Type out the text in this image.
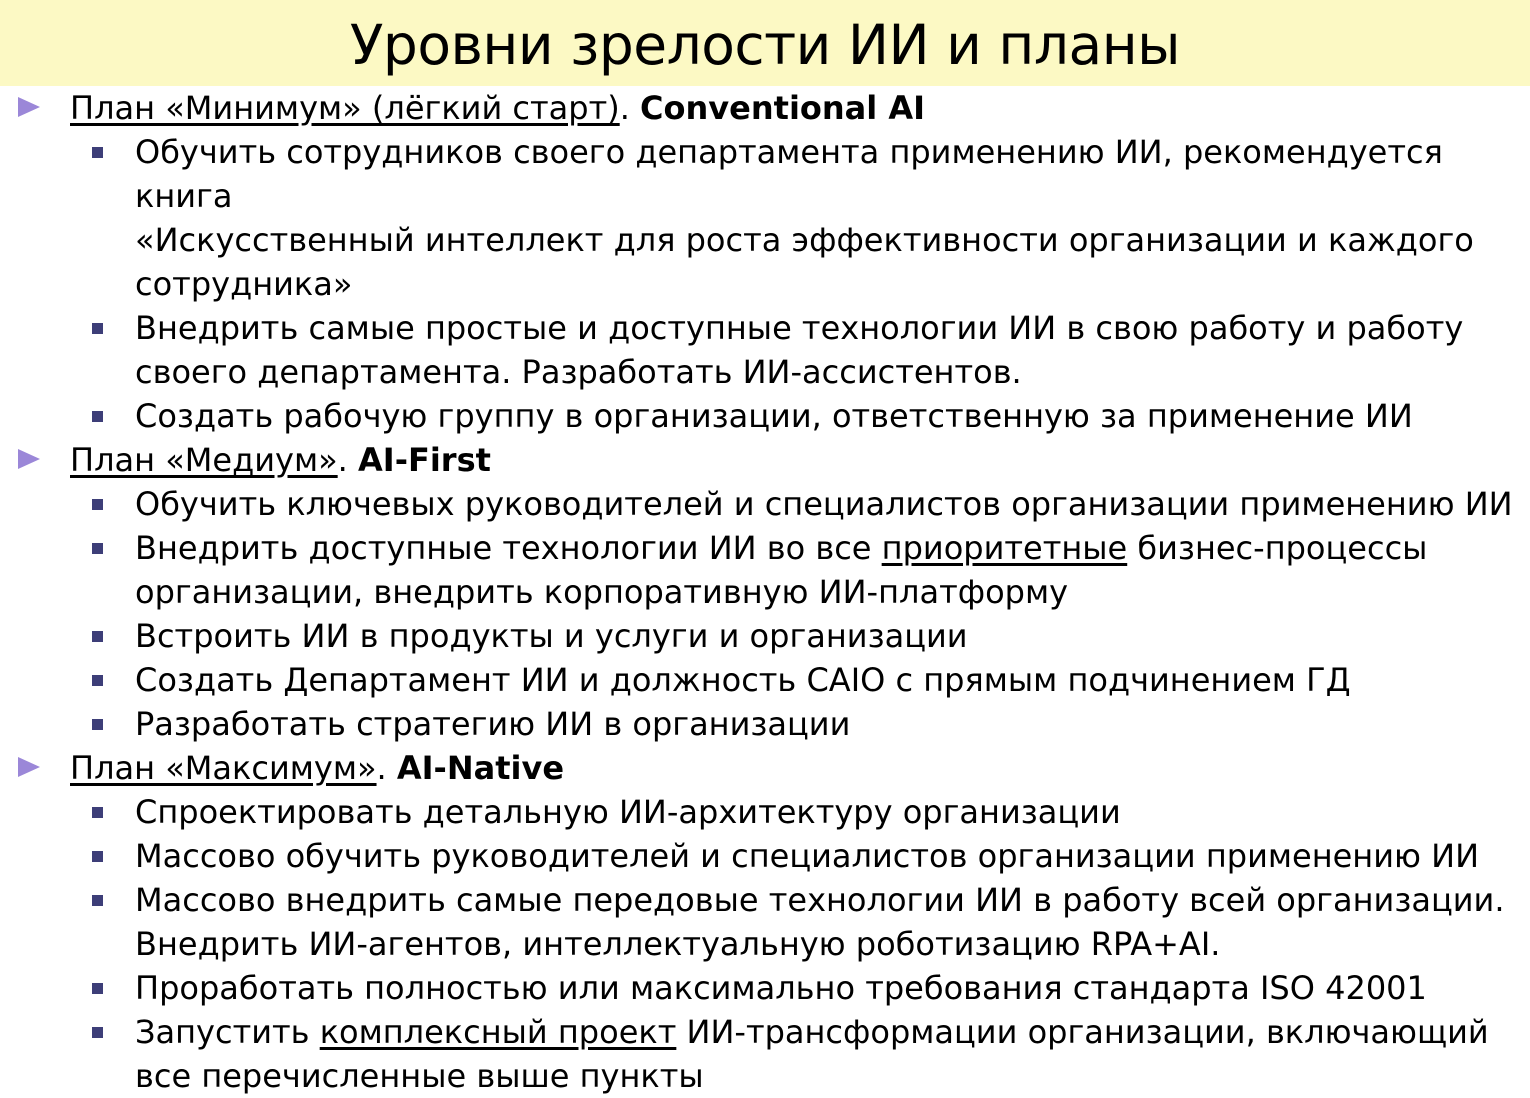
Уровни зрелости ИИ и планы
План «Минимум» (лёгкий старт). Conventional AI
Обучить сотрудников своего департамента применению ИИ, рекомендуется книга
«Искусственный интеллект для роста эффективности организации и каждого
сотрудника»
Внедрить самые простые и доступные технологии ИИ в свою работу и работу
своего департамента. Разработать ИИ-ассистентов.
Создать рабочую группу в организации, ответственную за применение ИИ
План «Медиум». AI-First
Обучить ключевых руководителей и специалистов организации применению ИИ
Внедрить доступные технологии ИИ во все приоритетные бизнес-процессы
организации, внедрить корпоративную ИИ-платформу
Встроить ИИ в продукты и услуги и организации
Создать Департамент ИИ и должность CAIO с прямым подчинением ГД
Разработать стратегию ИИ в организации
План «Максимум». AI-Native
Спроектировать детальную ИИ-архитектуру организации
Массово обучить руководителей и специалистов организации применению ИИ
Массово внедрить самые передовые технологии ИИ в работу всей организации.
Внедрить ИИ-агентов, интеллектуальную роботизацию RPA+AI.
Проработать полностью или максимально требования стандарта ISO 42001
Запустить комплексный проект ИИ-трансформации организации, включающий
все перечисленные выше пункты
